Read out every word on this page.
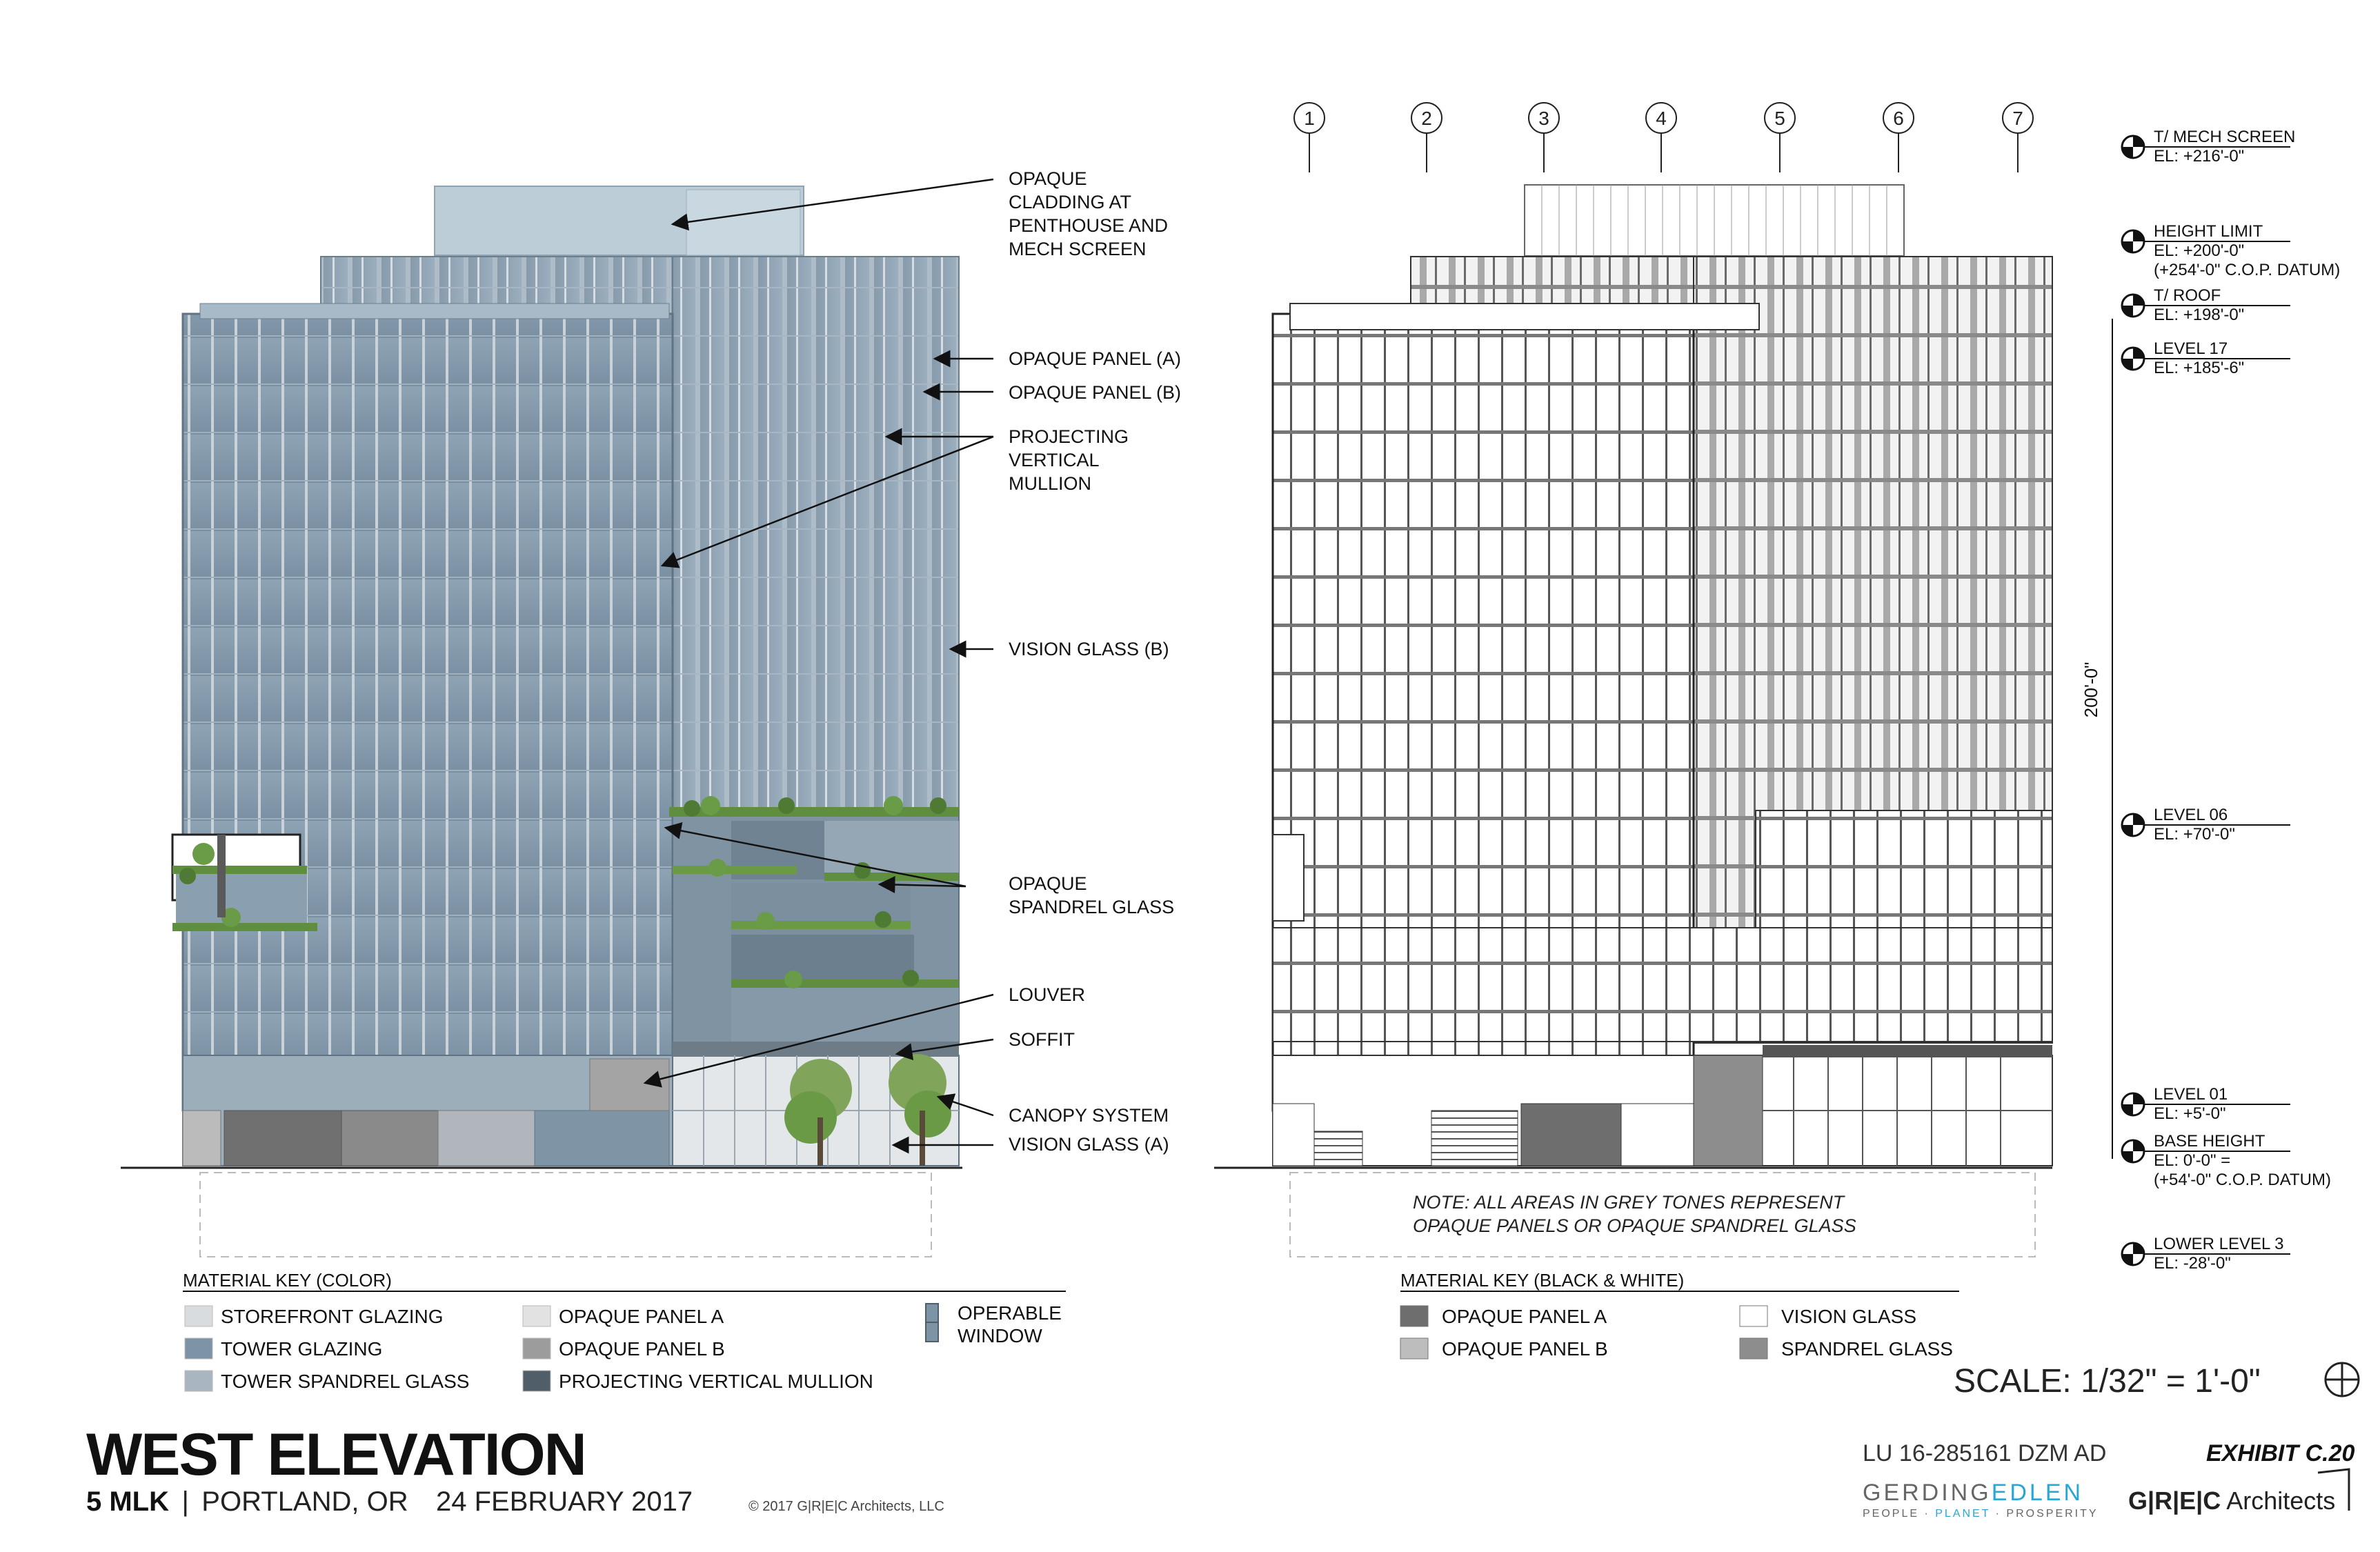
1	2	3	4	5	6	7
OPAQUE CLADDING AT PENTHOUSE AND MECH SCREEN
OPAQUE PANEL (A)
OPAQUE PANEL (B)
PROJECTING VERTICAL MULLION
VISION GLASS (B)
OPAQUE SPANDREL GLASS
LOUVER
SOFFIT
CANOPY SYSTEM
VISION GLASS (A)
T/ MECH SCREEN
EL: +216'-0"
HEIGHT LIMIT
EL: +200'-0"
(+254'-0" C.O.P. DATUM)
T/ ROOF
EL: +198'-0"
LEVEL 17
EL: +185'-6"
LEVEL 06
EL: +70'-0"
LEVEL 01
EL: +5'-0"
BASE HEIGHT
EL: 0'-0" =
(+54'-0" C.O.P. DATUM)
LOWER LEVEL 3
EL: -28'-0"
200'-0"
NOTE: ALL AREAS IN GREY TONES REPRESENT OPAQUE PANELS OR OPAQUE SPANDREL GLASS
MATERIAL KEY (COLOR)
STOREFRONT GLAZING
TOWER GLAZING
TOWER SPANDREL GLASS
OPAQUE PANEL A
OPAQUE PANEL B
PROJECTING VERTICAL MULLION
OPERABLE WINDOW
MATERIAL KEY (BLACK & WHITE)
OPAQUE PANEL A
OPAQUE PANEL B
VISION GLASS
SPANDREL GLASS
WEST ELEVATION
5 MLK | PORTLAND, OR 24 FEBRUARY 2017	© 2017 G|R|E|C Architects, LLC
SCALE: 1/32" = 1'-0"
LU 16-285161 DZM AD	EXHIBIT C.20
GERDINGEDLEN
PEOPLE · PLANET · PROSPERITY G|R|E|C Architects
